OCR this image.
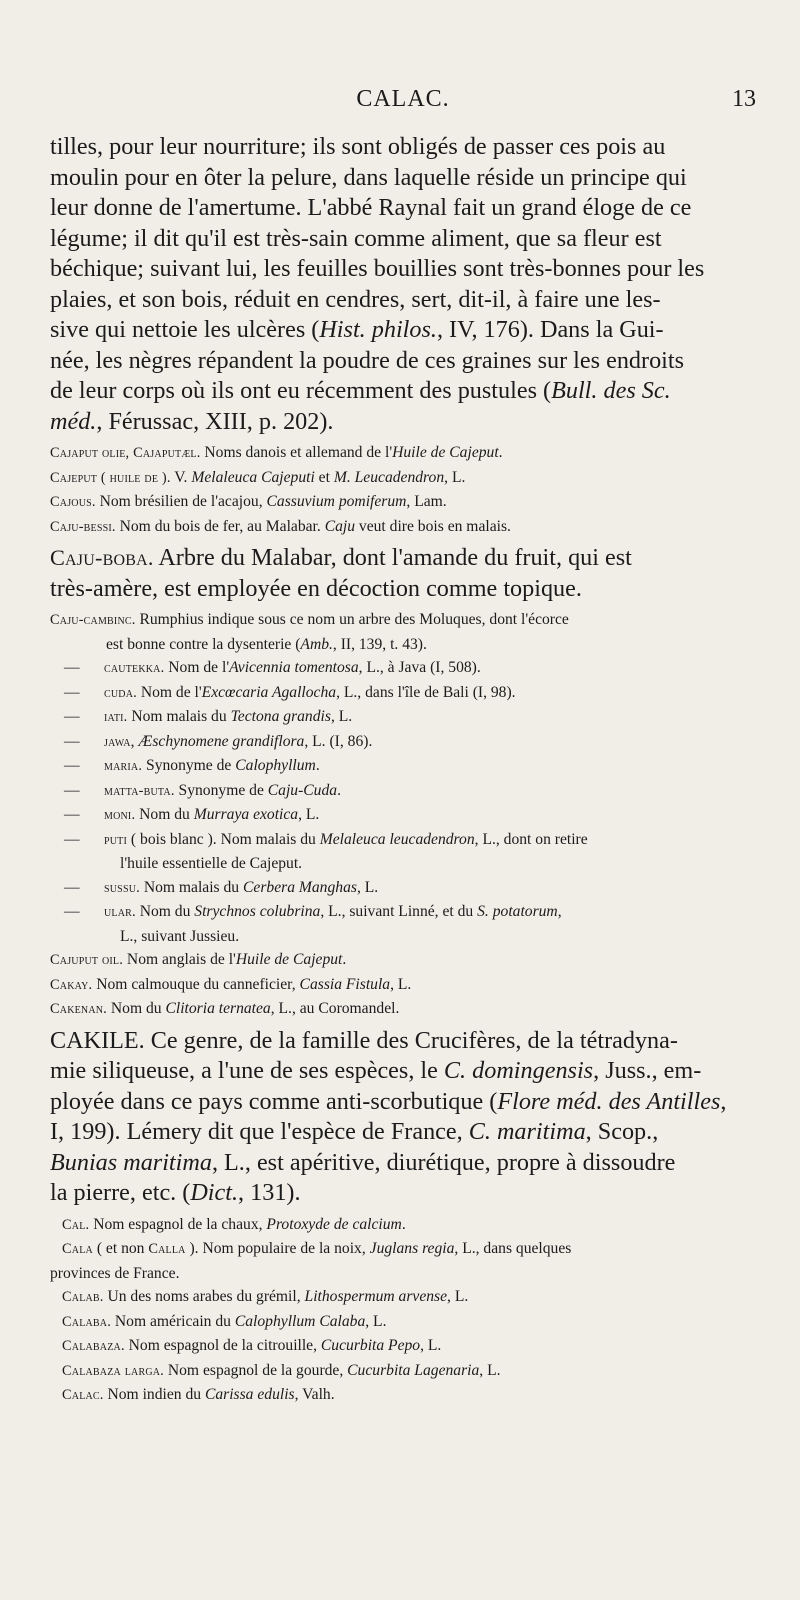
CALAC.	13

tilles, pour leur nourriture; ils sont obligés de passer ces pois au

moulin pour en ôter la pelure, dans laquelle réside un principe qui

leur donne de l'amertume. L'abbé Raynal fait un grand éloge de ce

légume; il dit qu'il est très-sain comme aliment, que sa fleur est

béchique; suivant lui, les feuilles bouillies sont très-bonnes pour les

plaies, et son bois, réduit en cendres, sert, dit-il, à faire une les-

sive qui nettoie les ulcères (Hist. philos., IV, 176). Dans la Gui-

née, les nègres répandent la poudre de ces graines sur les endroits

de leur corps où ils ont eu récemment des pustules (Bull. des Sc.

méd., Férussac, XIII, p. 202).

Cajaput olie, Cajaputæl. Noms danois et allemand de l'Huile de Cajeput.

Cajeput ( huile de ). V. Melaleuca Cajeputi et M. Leucadendron, L.

Cajous. Nom brésilien de l'acajou, Cassuvium pomiferum, Lam.

Caju-bessi. Nom du bois de fer, au Malabar. Caju veut dire bois en malais.

Caju-boba. Arbre du Malabar, dont l'amande du fruit, qui est

très-amère, est employée en décoction comme topique.

Caju-cambinc. Rumphius indique sous ce nom un arbre des Moluques, dont l'écorce

est bonne contre la dysenterie (Amb., II, 139, t. 43).

—	cautekka. Nom de l'Avicennia tomentosa, L., à Java (I, 508).
—	cuda. Nom de l'Excœcaria Agallocha, L., dans l'île de Bali (I, 98).
—	iati. Nom malais du Tectona grandis, L.
—	jawa, Æschynomene grandiflora, L. (I, 86).
—	maria. Synonyme de Calophyllum.
—	matta-buta. Synonyme de Caju-Cuda.
—	moni. Nom du Murraya exotica, L.
—	puti ( bois blanc ). Nom malais du Melaleuca leucadendron, L., dont on retire

l'huile essentielle de Cajeput.

—	sussu. Nom malais du Cerbera Manghas, L.
—	ular. Nom du Strychnos colubrina, L., suivant Linné, et du S. potatorum,

L., suivant Jussieu.

Cajuput oil. Nom anglais de l'Huile de Cajeput.

Cakay. Nom calmouque du canneficier, Cassia Fistula, L.

Cakenan. Nom du Clitoria ternatea, L., au Coromandel.

CAKILE. Ce genre, de la famille des Crucifères, de la tétradyna-

mie siliqueuse, a l'une de ses espèces, le C. domingensis, Juss., em-

ployée dans ce pays comme anti-scorbutique (Flore méd. des Antilles,

I, 199). Lémery dit que l'espèce de France, C. maritima, Scop.,

Bunias maritima, L., est apéritive, diurétique, propre à dissoudre

la pierre, etc. (Dict., 131).

Cal. Nom espagnol de la chaux, Protoxyde de calcium.

Cala ( et non Calla ). Nom populaire de la noix, Juglans regia, L., dans quelques

provinces de France.

Calab. Un des noms arabes du grémil, Lithospermum arvense, L.

Calaba. Nom américain du Calophyllum Calaba, L.

Calabaza. Nom espagnol de la citrouille, Cucurbita Pepo, L.

Calabaza larga. Nom espagnol de la gourde, Cucurbita Lagenaria, L.

Calac. Nom indien du Carissa edulis, Valh.
